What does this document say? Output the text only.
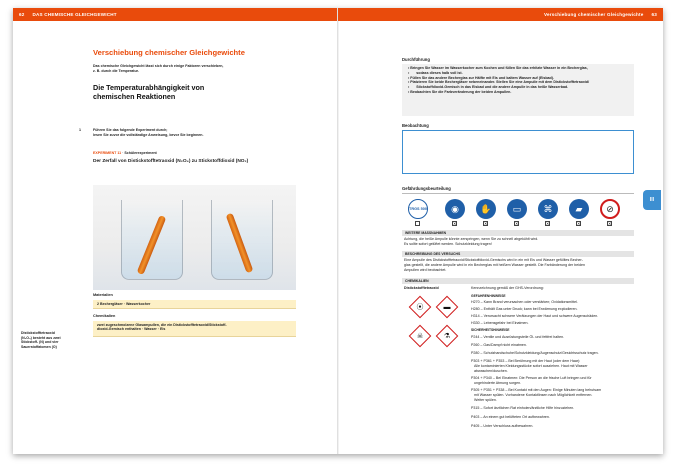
62 DAS CHEMISCHE GLEICHGEWICHT
Verschiebung chemischer Gleichgewichte
Das chemische Gleichgewicht lässt sich durch einige Faktoren verschieben,
z. B. durch die Temperatur.
Die Temperaturabhängigkeit von
chemischen Reaktionen
1	Führen Sie das folgende Experiment durch;
lesen Sie zuvor die vollständige Anweisung, bevor Sie beginnen.
EXPERIMENT 11 · Schülerexperiment
Der Zerfall von Distickstofftetraoxid (N₂O₄) zu Stickstoffdioxid (NO₂)
Materialien
2 Bechergläser · Wasserkocher
Chemikalien
zwei zugeschmolzene Glasampullen, die ein Distickstofftetraoxid/Stickstoff-
dioxid-Gemisch enthalten · Wasser · Eis
Distickstofftetraoxid
(N₂O₄) besteht aus zwei
Stickstoff- (N) und vier
Sauerstoffatomen (O)
Verschiebung chemischer Gleichgewichte 63
Durchführung
• Bringen Sie Wasser im Wasserkocher zum Kochen und füllen Sie das erhitzte Wasser in ein Becherglas,
• sodass dieses halb voll ist.
• Füllen Sie das andere Becherglas zur Hälfte mit Eis und kaltem Wasser auf (Eisbad).
• Platzieren Sie beide Bechergläser nebeneinander. Stellen Sie eine Ampulle mit dem Distickstofftetraoxid/
• Stickstoffdioxid-Gemisch in das Eisbad und die andere Ampulle in das heiße Wasserbad.
• Beobachten Sie die Farbveränderung der beiden Ampullen.
Beobachtung
Gefährdungsbeurteilung
TRGS 500	◉	✋	▭	⌘	▰	⊘
✕	✕	✕	✕	✕	✕
WEITERE MASSNAHMEN
Achtung, die heiße Ampulle könnte zerspringen, wenn Sie zu schnell abgekühlt wird.
Es sollte sofort gelüftet werden. Schutzkleidung tragen!
BESCHREIBUNG DES VERSUCHS
Eine Ampulle des Distickstofftetraoxid/Stickstoffdioxid-Gemischs wird in ein mit Eis und Wasser gefülltes Becher-
glas gestellt, die andere Ampulle wird in ein Becherglas mit heißem Wasser gestellt. Die Farbänderung der beiden
Ampullen wird beobachtet.
CHEMIKALIEN
Distickstofftetraoxid
⦿	▬
☠	⚗
Kennzeichnung gemäß der GHS-Verordnung:
GEFAHRENHINWEISE
H270 – Kann Brand verursachen oder verstärken; Oxidationsmittel.
H280 – Enthält Gas unter Druck; kann bei Erwärmung explodieren.
H314 – Verursacht schwere Verätzungen der Haut und schwere Augenschäden.
H330 – Lebensgefahr bei Einatmen.
SICHERHEITSHINWEISE
P244 – Ventile und Ausrüstungsteile Öl- und fettfrei halten.
P260 – Gas/Dampf nicht einatmen.
P280 – Schutzhandschuhe/Schutzkleidung/Augenschutz/Gesichtsschutz tragen.
P303 + P361 + P353 – Bei Berührung mit der Haut (oder dem Haar):
Alle kontaminierten Kleidungsstücke sofort ausziehen. Haut mit Wasser
abwaschen/duschen.
P304 + P340 – Bei Einatmen: Die Person an die frische Luft bringen und für
ungehinderte Atmung sorgen.
P305 + P351 + P338 – Bei Kontakt mit den Augen: Einige Minuten lang behutsam
mit Wasser spülen. Vorhandene Kontaktlinsen nach Möglichkeit entfernen.
Weiter spülen.
P315 – Sofort ärztlichen Rat einholen/ärztliche Hilfe hinzuziehen.
P403 – An einem gut belüfteten Ort aufbewahren.
P405 – Unter Verschluss aufbewahren.
III
